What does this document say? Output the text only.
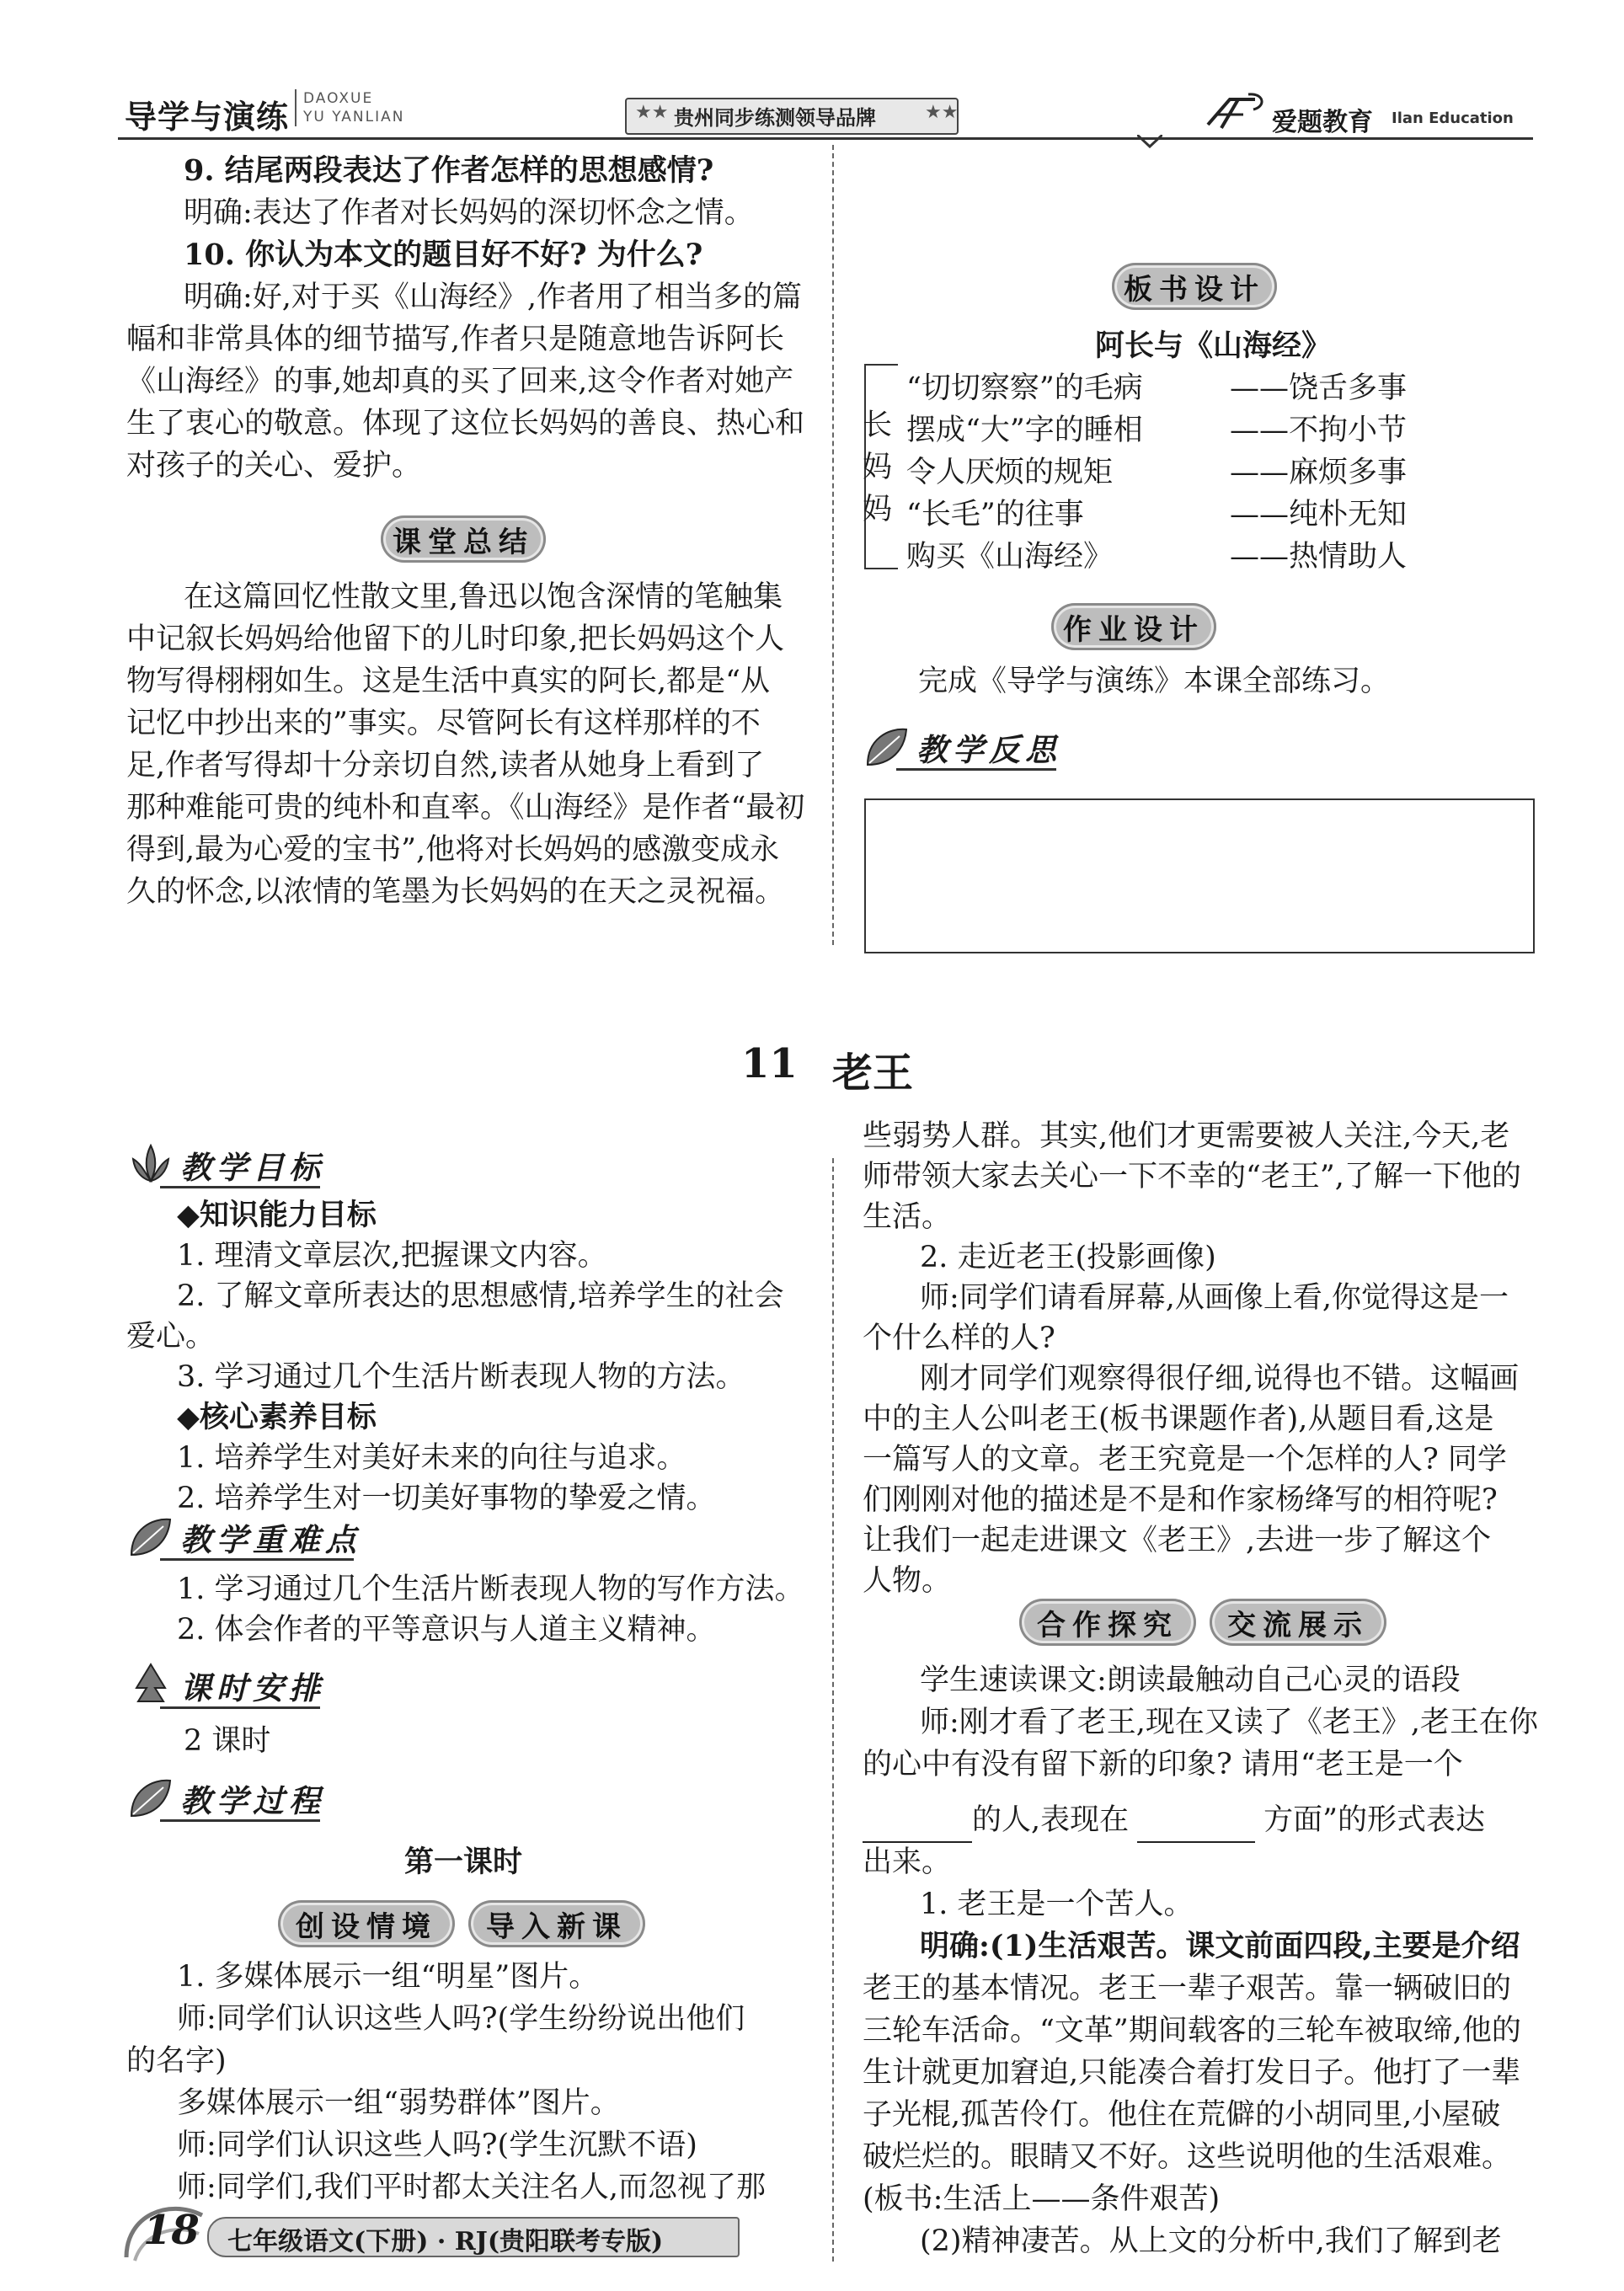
导学与演练 DAOXUE
YU YANLIAN	★★ 贵州同步练测领导品牌	★★	爱题教育 Ilan Education

9. 结尾两段表达了作者怎样的思想感情?

明确:表达了作者对长妈妈的深切怀念之情。

10. 你认为本文的题目好不好? 为什么?

明确:好,对于买《山海经》,作者用了相当多的篇

幅和非常具体的细节描写,作者只是随意地告诉阿长

《山海经》的事,她却真的买了回来,这令作者对她产

生了衷心的敬意。体现了这位长妈妈的善良、热心和

对孩子的关心、爱护。

课堂总结

在这篇回忆性散文里,鲁迅以饱含深情的笔触集

中记叙长妈妈给他留下的儿时印象,把长妈妈这个人

物写得栩栩如生。这是生活中真实的阿长,都是“从

记忆中抄出来的”事实。尽管阿长有这样那样的不

足,作者写得却十分亲切自然,读者从她身上看到了

那种难能可贵的纯朴和直率。《山海经》是作者“最初

得到,最为心爱的宝书”,他将对长妈妈的感激变成永

久的怀念,以浓情的笔墨为长妈妈的在天之灵祝福。

板书设计

阿长与《山海经》

长
妈
妈

“切切察察”的毛病	—— 饶舌多事

摆成“大”字的睡相	—— 不拘小节

令人厌烦的规矩	—— 麻烦多事

“长毛”的往事	—— 纯朴无知

购买《山海经》	—— 热情助人

作业设计

完成《导学与演练》本课全部练习。

教学反思
11 老王
教学目标

◆知识能力目标

1. 理清文章层次,把握课文内容。

2. 了解文章所表达的思想感情,培养学生的社会

爱心。

3. 学习通过几个生活片断表现人物的方法。

◆核心素养目标

1. 培养学生对美好未来的向往与追求。

2. 培养学生对一切美好事物的挚爱之情。

教学重难点

1. 学习通过几个生活片断表现人物的写作方法。

2. 体会作者的平等意识与人道主义精神。

课时安排

2 课时

教学过程

第一课时

创设情境	导入新课

1. 多媒体展示一组“明星”图片。

师:同学们认识这些人吗?(学生纷纷说出他们

的名字)

多媒体展示一组“弱势群体”图片。

师:同学们认识这些人吗?(学生沉默不语)

师:同学们,我们平时都太关注名人,而忽视了那

些弱势人群。其实,他们才更需要被人关注,今天,老

师带领大家去关心一下不幸的“老王”,了解一下他的

生活。

2. 走近老王(投影画像)

师:同学们请看屏幕,从画像上看,你觉得这是一

个什么样的人?

刚才同学们观察得很仔细,说得也不错。这幅画

中的主人公叫老王(板书课题作者),从题目看,这是

一篇写人的文章。老王究竟是一个怎样的人? 同学

们刚刚对他的描述是不是和作家杨绛写的相符呢?

让我们一起走进课文《老王》,去进一步了解这个

人物。

合作探究	交流展示

学生速读课文:朗读最触动自己心灵的语段

师:刚才看了老王,现在又读了《老王》,老王在你

的心中有没有留下新的印象? 请用“老王是一个

的人,表现在	方面”的形式表达

出来。

1. 老王是一个苦人。

明确:(1)生活艰苦。课文前面四段,主要是介绍

老王的基本情况。老王一辈子艰苦。靠一辆破旧的

三轮车活命。“文革”期间载客的三轮车被取缔,他的

生计就更加窘迫,只能凑合着打发日子。他打了一辈

子光棍,孤苦伶仃。他住在荒僻的小胡同里,小屋破

破烂烂的。眼睛又不好。这些说明他的生活艰难。

(板书:生活上——条件艰苦)

(2)精神凄苦。从上文的分析中,我们了解到老

18 七年级语文(下册) · RJ(贵阳联考专版)
